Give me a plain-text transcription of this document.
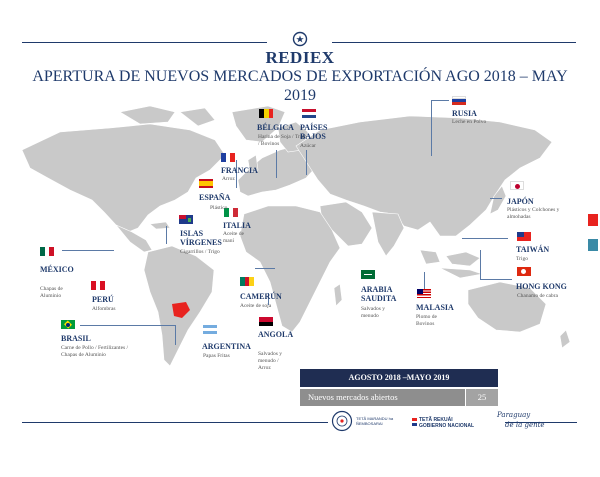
REDIEX
APERTURA DE NUEVOS MERCADOS DE EXPORTACIÓN AGO 2018 – MAY 2019
BÉLGICA
Harina de Soja / Trigo / Bovinos
PAÍSES BAJOS
Azúcar
RUSIA
Leche en Polvo
FRANCIA
Arroz
ESPAÑA
Plástico
ITALIA
Aceite de maní
ISLAS VÍRGENES
Cigarrillos / Trigo
JAPÓN
Plásticos y Colchones y almohadas
TAIWÁN
Trigo
HONG KONG
Chanamo de cabra
MÉXICO
Chapas de Aluminio	PERÚ
Alfombras
BRASIL
Carne de Pollo / Fertilizantes / Chapas de Aluminio
ARGENTINA
Papas Fritas
CAMERÚN
Aceite de soja
ANGOLA
Salvados y menudo / Arroz
ARABIA SAUDITA
Salvados y menudo
MALASIA
Plomo de Bovinos
AGOSTO 2018 –MAYO 2019
Nuevos mercados abiertos	25
TETÃ MARANDU ha ÑEMBOSARAI
TETÃ REKUÁI
GOBIERNO NACIONAL
Paraguay
de la gente
